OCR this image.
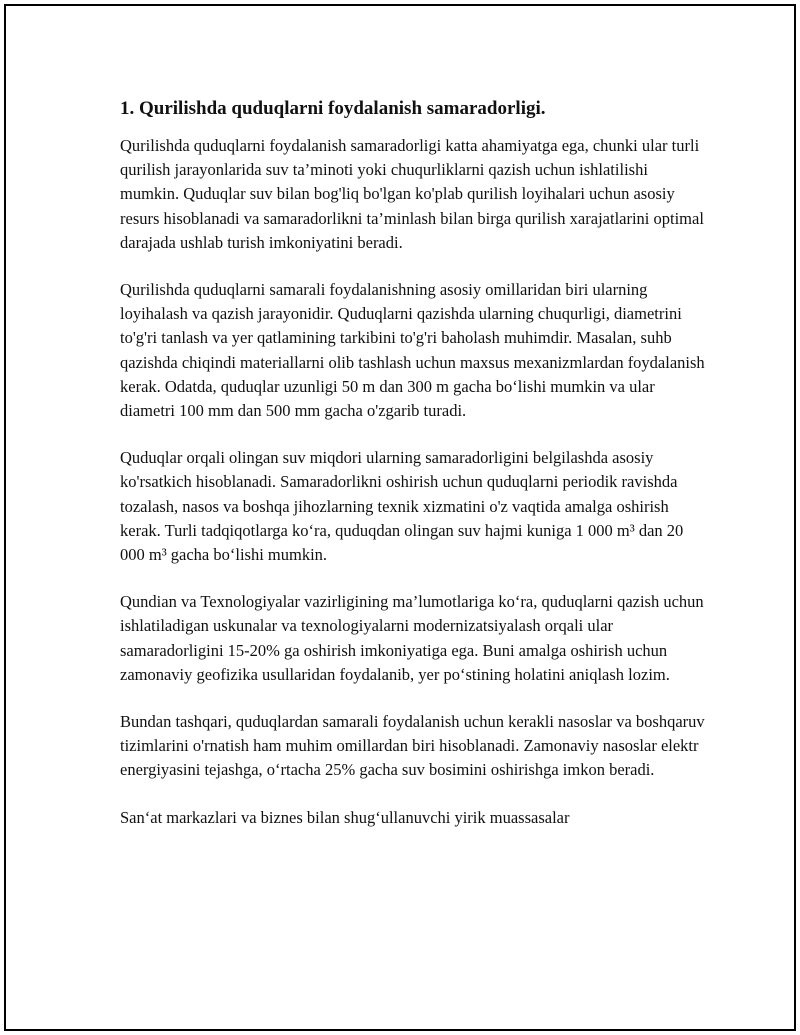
1. Qurilishda quduqlarni foydalanish samaradorligi.

Qurilishda quduqlarni foydalanish samaradorligi katta ahamiyatga ega, chunki ular turli qurilish jarayonlarida suv ta’minoti yoki chuqurliklarni qazish uchun ishlatilishi mumkin. Quduqlar suv bilan bog'liq bo'lgan ko'plab qurilish loyihalari uchun asosiy resurs hisoblanadi va samaradorlikni ta’minlash bilan birga qurilish xarajatlarini optimal darajada ushlab turish imkoniyatini beradi.

Qurilishda quduqlarni samarali foydalanishning asosiy omillaridan biri ularning loyihalash va qazish jarayonidir. Quduqlarni qazishda ularning chuqurligi, diametrini to'g'ri tanlash va yer qatlamining tarkibini to'g'ri baholash muhimdir. Masalan, suhb qazishda chiqindi materiallarni olib tashlash uchun maxsus mexanizmlardan foydalanish kerak. Odatda, quduqlar uzunligi 50 m dan 300 m gacha bo‘lishi mumkin va ular diametri 100 mm dan 500 mm gacha o'zgarib turadi.

Quduqlar orqali olingan suv miqdori ularning samaradorligini belgilashda asosiy ko'rsatkich hisoblanadi. Samaradorlikni oshirish uchun quduqlarni periodik ravishda tozalash, nasos va boshqa jihozlarning texnik xizmatini o'z vaqtida amalga oshirish kerak. Turli tadqiqotlarga ko‘ra, quduqdan olingan suv hajmi kuniga 1 000 m³ dan 20 000 m³ gacha bo‘lishi mumkin.

Qundian va Texnologiyalar vazirligining ma’lumotlariga ko‘ra, quduqlarni qazish uchun ishlatiladigan uskunalar va texnologiyalarni modernizatsiyalash orqali ular samaradorligini 15-20% ga oshirish imkoniyatiga ega. Buni amalga oshirish uchun zamonaviy geofizika usullaridan foydalanib, yer po‘stining holatini aniqlash lozim.

Bundan tashqari, quduqlardan samarali foydalanish uchun kerakli nasoslar va boshqaruv tizimlarini o'rnatish ham muhim omillardan biri hisoblanadi. Zamonaviy nasoslar elektr energiyasini tejashga, o‘rtacha 25% gacha suv bosimini oshirishga imkon beradi.

San‘at markazlari va biznes bilan shug‘ullanuvchi yirik muassasalar
